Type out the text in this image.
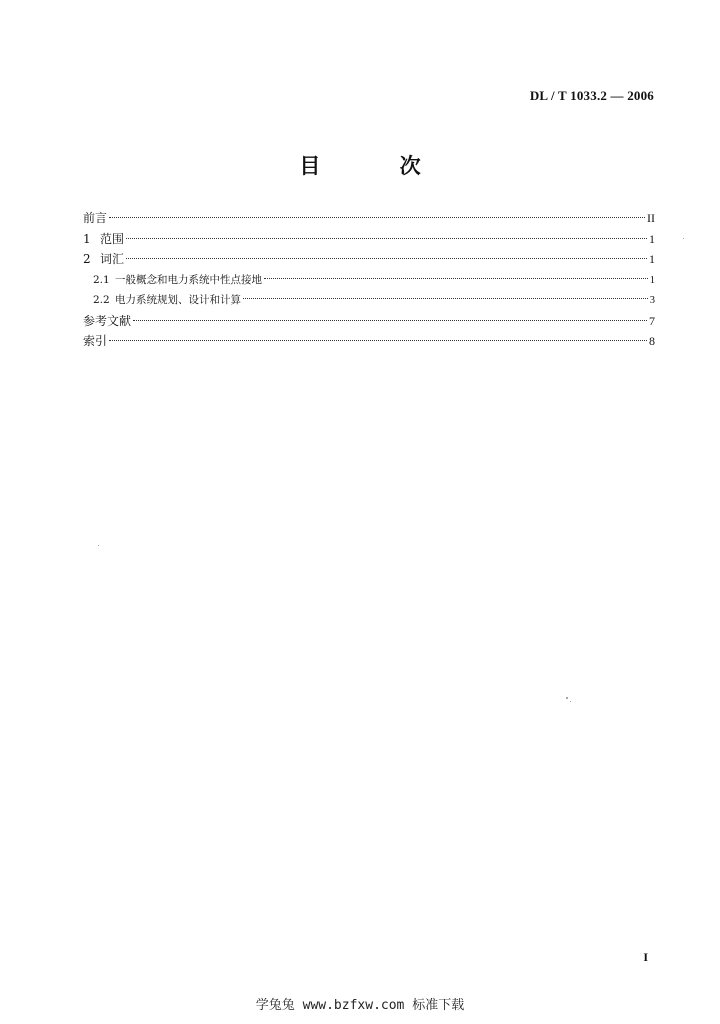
DL / T 1033.2 — 2006
目 次
前言	II
1 范围	1
2 词汇	1
2.1 一般概念和电力系统中性点接地	1
2.2 电力系统规划、设计和计算	3
参考文献	7
索引	8
I
学兔兔 www.bzfxw.com 标准下载
